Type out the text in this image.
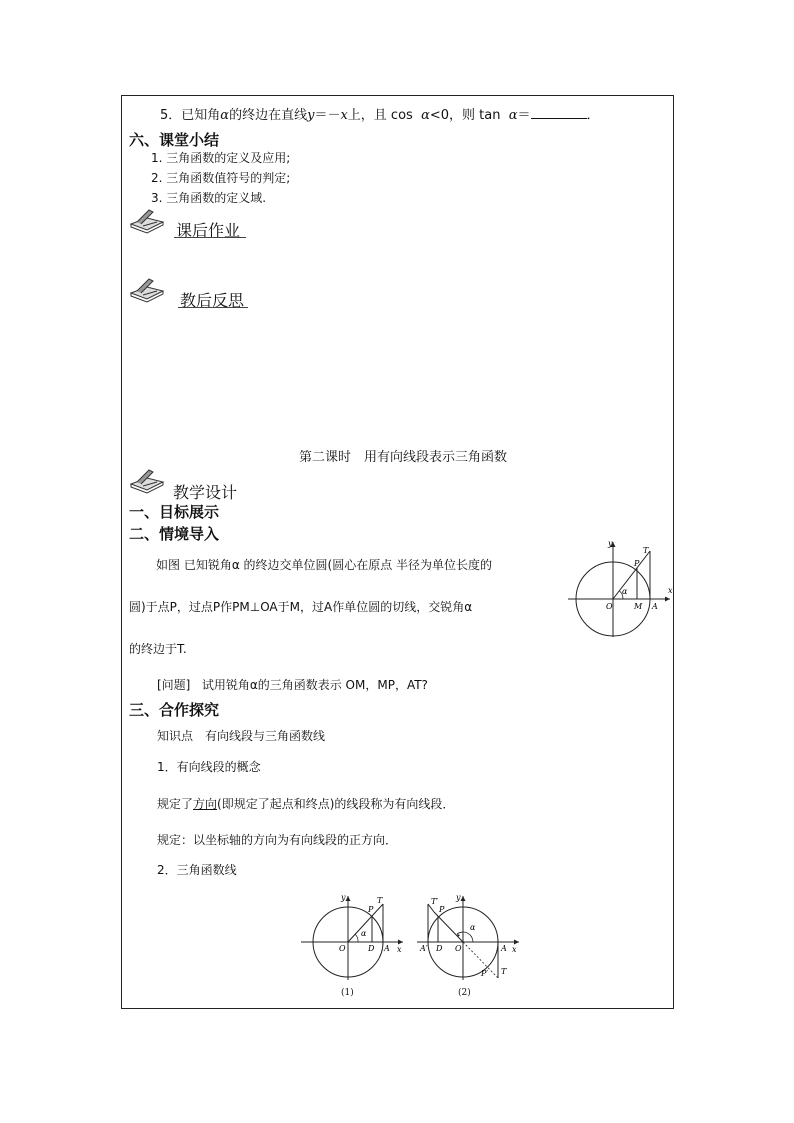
5．已知角α的终边在直线y＝－x上，且 cos α<0，则 tan α＝	．
六、课堂小结
1. 三角函数的定义及应用;
2. 三角函数值符号的判定;
3. 三角函数的定义域.
课后作业
教后反思
第二课时　用有向线段表示三角函数
教学设计
一、目标展示
二、情境导入
如图 已知锐角α 的终边交单位圆(圆心在原点 半径为单位长度的
圆)于点P，过点P作PM⊥OA于M，过A作单位圆的切线，交锐角α
的终边于T.
y
x
O	M A
P
T
α
[问题] 试用锐角α的三角函数表示 OM，MP，AT?
三、合作探究
知识点　有向线段与三角函数线
1．有向线段的概念
规定了方向(即规定了起点和终点)的线段称为有向线段．
规定：以坐标轴的方向为有向线段的正方向．
2．三角函数线
y
x
O	D A
P
T
α
(1)
y
x
O
D	A
A′
P
P′ T
T′
α
(2)
